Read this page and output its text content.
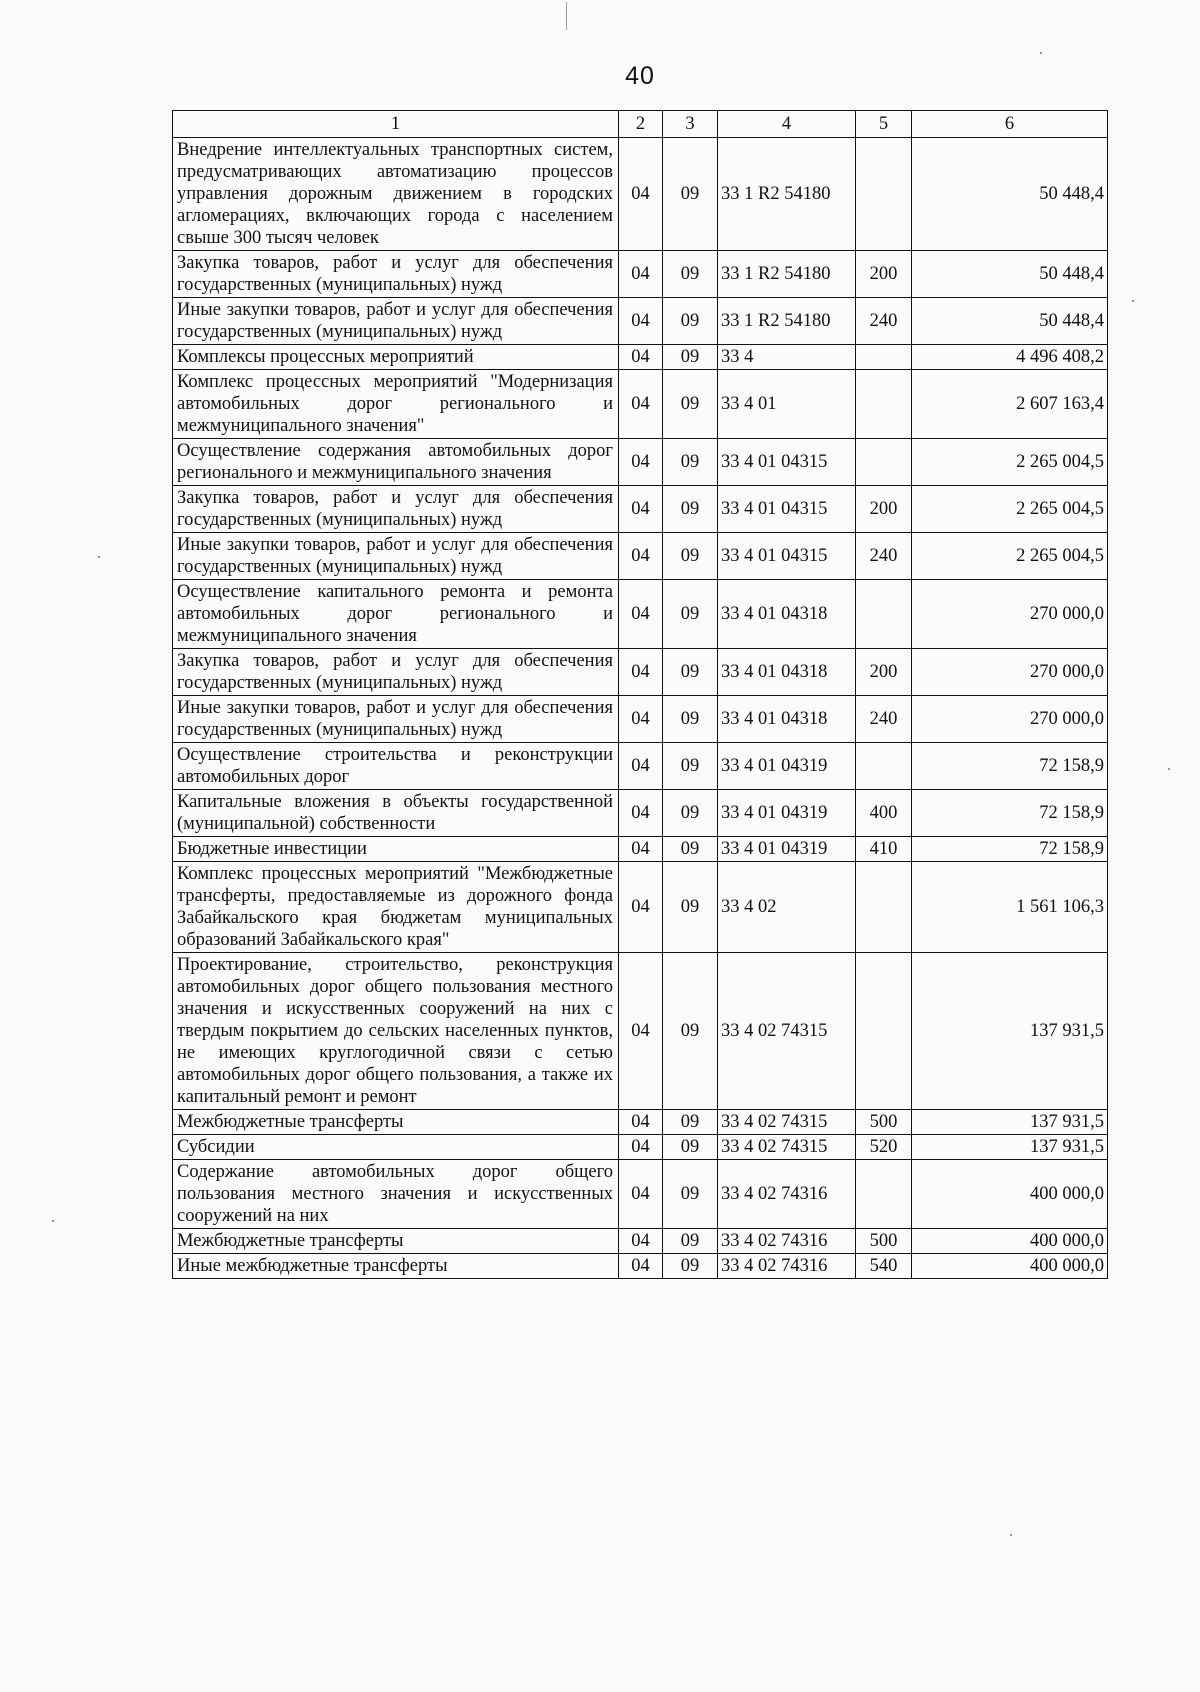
40
1	2	3	4	5	6
Внедрение интеллектуальных транспортных систем, предусматривающих автоматизацию процессов управления дорожным движением в городских агломерациях, включающих города с населением свыше 300 тысяч человек	04	09	33 1 R2 54180		50 448,4
Закупка товаров, работ и услуг для обеспечения государственных (муниципальных) нужд	04	09	33 1 R2 54180	200	50 448,4
Иные закупки товаров, работ и услуг для обеспечения государственных (муниципальных) нужд	04	09	33 1 R2 54180	240	50 448,4
Комплексы процессных мероприятий	04	09	33 4		4 496 408,2
Комплекс процессных мероприятий "Модернизация автомобильных дорог регионального и межмуниципального значения"	04	09	33 4 01		2 607 163,4
Осуществление содержания автомобильных дорог регионального и межмуниципального значения	04	09	33 4 01 04315		2 265 004,5
Закупка товаров, работ и услуг для обеспечения государственных (муниципальных) нужд	04	09	33 4 01 04315	200	2 265 004,5
Иные закупки товаров, работ и услуг для обеспечения государственных (муниципальных) нужд	04	09	33 4 01 04315	240	2 265 004,5
Осуществление капитального ремонта и ремонта автомобильных дорог регионального и межмуниципального значения	04	09	33 4 01 04318		270 000,0
Закупка товаров, работ и услуг для обеспечения государственных (муниципальных) нужд	04	09	33 4 01 04318	200	270 000,0
Иные закупки товаров, работ и услуг для обеспечения государственных (муниципальных) нужд	04	09	33 4 01 04318	240	270 000,0
Осуществление строительства и реконструкции автомобильных дорог	04	09	33 4 01 04319		72 158,9
Капитальные вложения в объекты государственной (муниципальной) собственности	04	09	33 4 01 04319	400	72 158,9
Бюджетные инвестиции	04	09	33 4 01 04319	410	72 158,9
Комплекс процессных мероприятий "Межбюджетные трансферты, предоставляемые из дорожного фонда Забайкальского края бюджетам муниципальных образований Забайкальского края"	04	09	33 4 02		1 561 106,3
Проектирование, строительство, реконструкция автомобильных дорог общего пользования местного значения и искусственных сооружений на них с твердым покрытием до сельских населенных пунктов, не имеющих круглогодичной связи с сетью автомобильных дорог общего пользования, а также их капитальный ремонт и ремонт	04	09	33 4 02 74315		137 931,5
Межбюджетные трансферты	04	09	33 4 02 74315	500	137 931,5
Субсидии	04	09	33 4 02 74315	520	137 931,5
Содержание автомобильных дорог общего пользования местного значения и искусственных сооружений на них	04	09	33 4 02 74316		400 000,0
Межбюджетные трансферты	04	09	33 4 02 74316	500	400 000,0
Иные межбюджетные трансферты	04	09	33 4 02 74316	540	400 000,0
